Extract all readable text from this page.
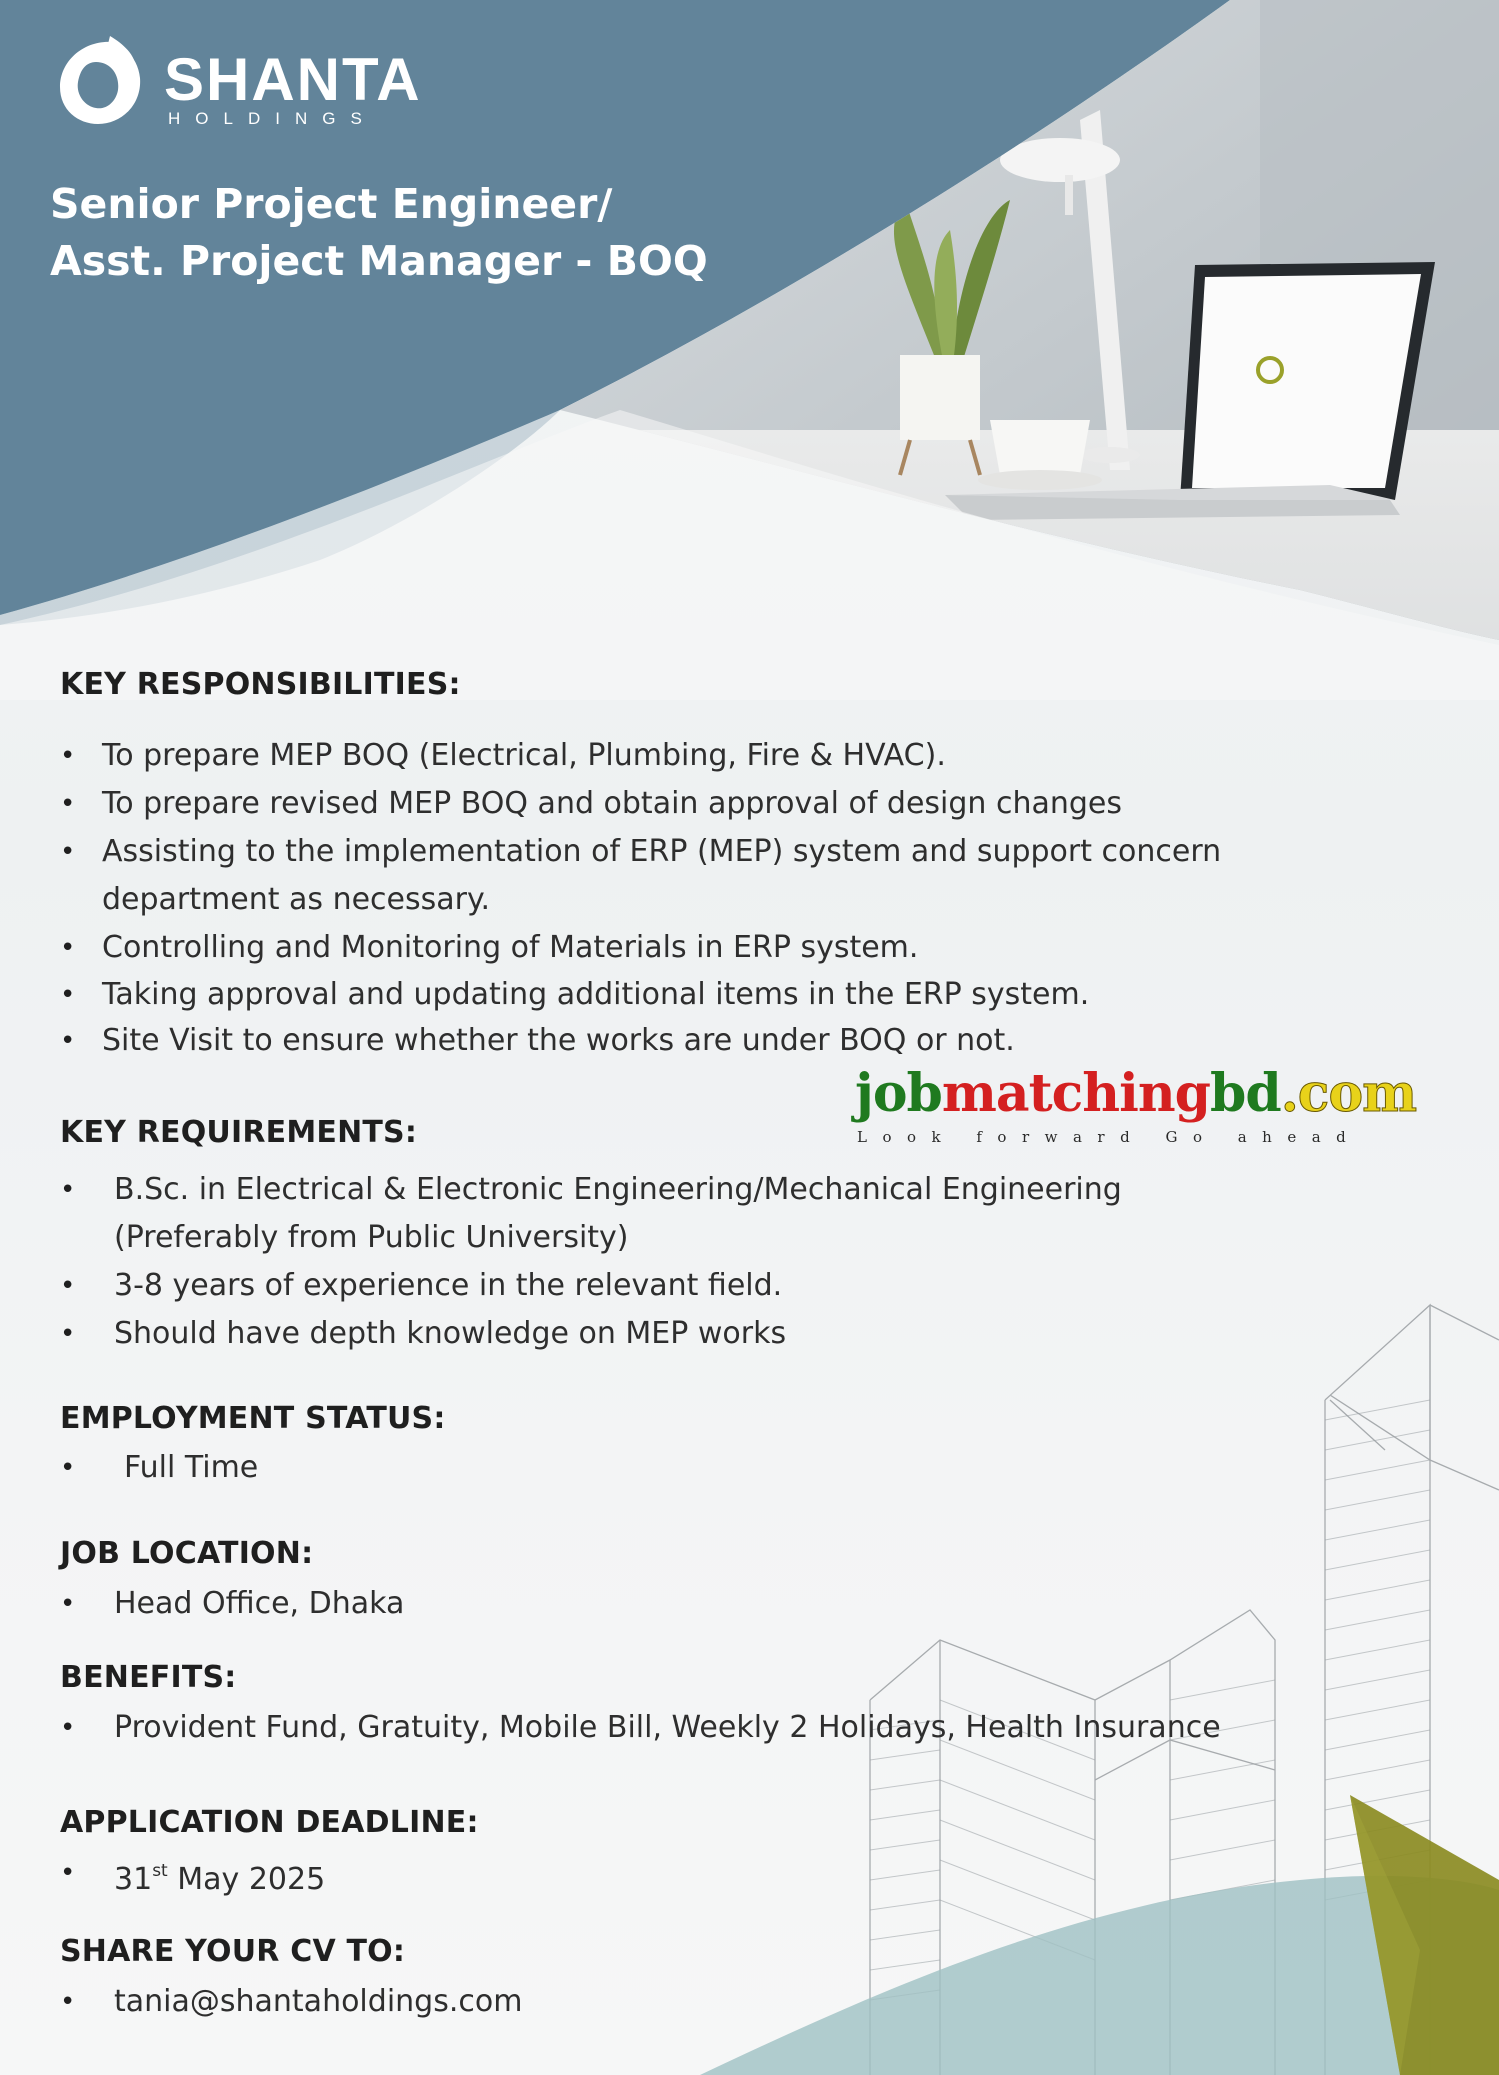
SHANTA
HOLDINGS
Senior Project Engineer/
Asst. Project Manager - BOQ
KEY RESPONSIBILITIES:
• To prepare MEP BOQ (Electrical, Plumbing, Fire & HVAC).
• To prepare revised MEP BOQ and obtain approval of design changes
• Assisting to the implementation of ERP (MEP) system and support concern
department as necessary.
• Controlling and Monitoring of Materials in ERP system.
• Taking approval and updating additional items in the ERP system.
• Site Visit to ensure whether the works are under BOQ or not.
jobmatchingbd.com
Look forward Go ahead
KEY REQUIREMENTS:
• B.Sc. in Electrical & Electronic Engineering/Mechanical Engineering
(Preferably from Public University)
• 3-8 years of experience in the relevant field.
• Should have depth knowledge on MEP works
EMPLOYMENT STATUS:
• Full Time
JOB LOCATION:
• Head Office, Dhaka
BENEFITS:
• Provident Fund, Gratuity, Mobile Bill, Weekly 2 Holidays, Health Insurance
APPLICATION DEADLINE:
• 31st May 2025
SHARE YOUR CV TO:
• tania@shantaholdings.com
